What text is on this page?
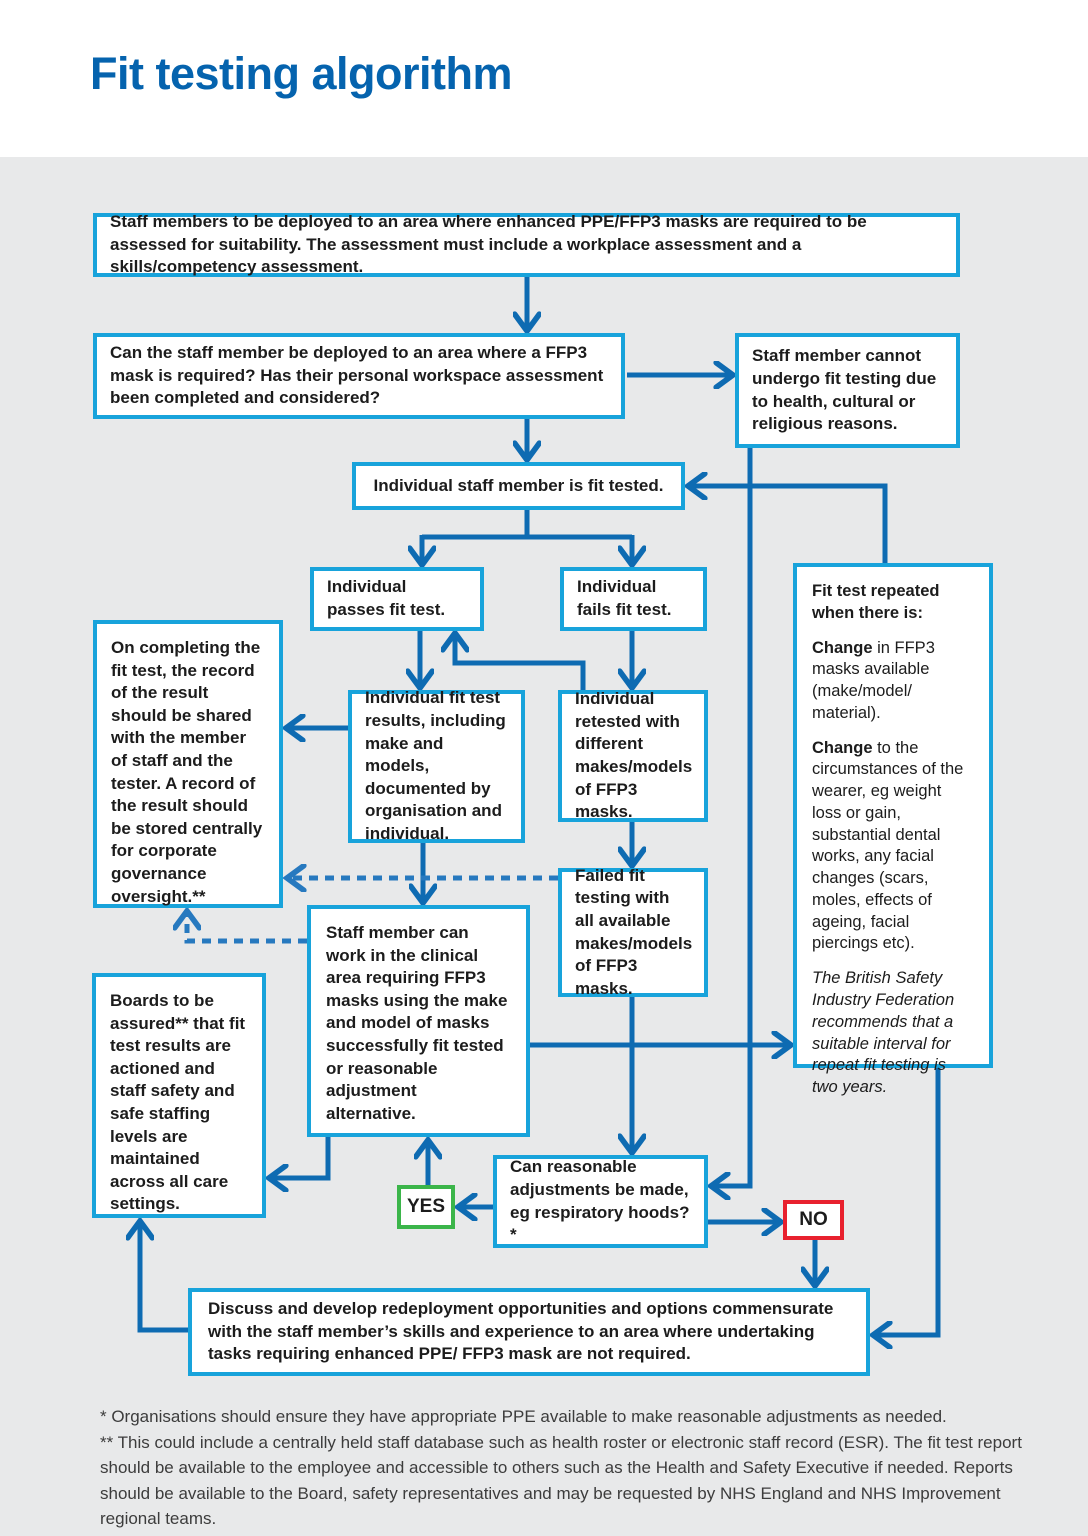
Fit testing algorithm

Staff members to be deployed to an area where enhanced PPE/FFP3 masks are required to be assessed for suitability. The assessment must include a workplace assessment and a skills/competency assessment.

Can the staff member be deployed to an area where a FFP3 mask is required? Has their personal workspace assessment been completed and considered?

Staff member cannot undergo fit testing due to health, cultural or religious reasons.

Individual staff member is fit tested.

Individual passes fit test.

Individual fails fit test.

Fit test repeated when there is:

Change in FFP3 masks available (make/model/ material).

Change to the circumstances of the wearer, eg weight loss or gain, substantial dental works, any facial changes (scars, moles, effects of ageing, facial piercings etc).

The British Safety Industry Federation recommends that a suitable interval for repeat fit testing is two years.

On completing the fit test, the record of the result should be shared with the member of staff and the tester. A record of the result should be stored centrally for corporate governance oversight.**

Individual fit test results, including make and models, documented by organisation and individual.

Individual retested with different makes/models of FFP3 masks.

Failed fit testing with all available makes/models of FFP3 masks.

Staff member can work in the clinical area requiring FFP3 masks using the make and model of masks successfully fit tested or reasonable adjustment alternative.

Boards to be assured** that fit test results are actioned and staff safety and safe staffing levels are maintained across all care settings.

Can reasonable adjustments be made, eg respiratory hoods?*

YES

NO

Discuss and develop redeployment opportunities and options commensurate with the staff member’s skills and experience to an area where undertaking tasks requiring enhanced PPE/ FFP3 mask are not required.

* Organisations should ensure they have appropriate PPE available to make reasonable adjustments as needed.

** This could include a centrally held staff database such as health roster or electronic staff record (ESR). The fit test report should be available to the employee and accessible to others such as the Health and Safety Executive if needed. Reports should be available to the Board, safety representatives and may be requested by NHS England and NHS Improvement regional teams.
